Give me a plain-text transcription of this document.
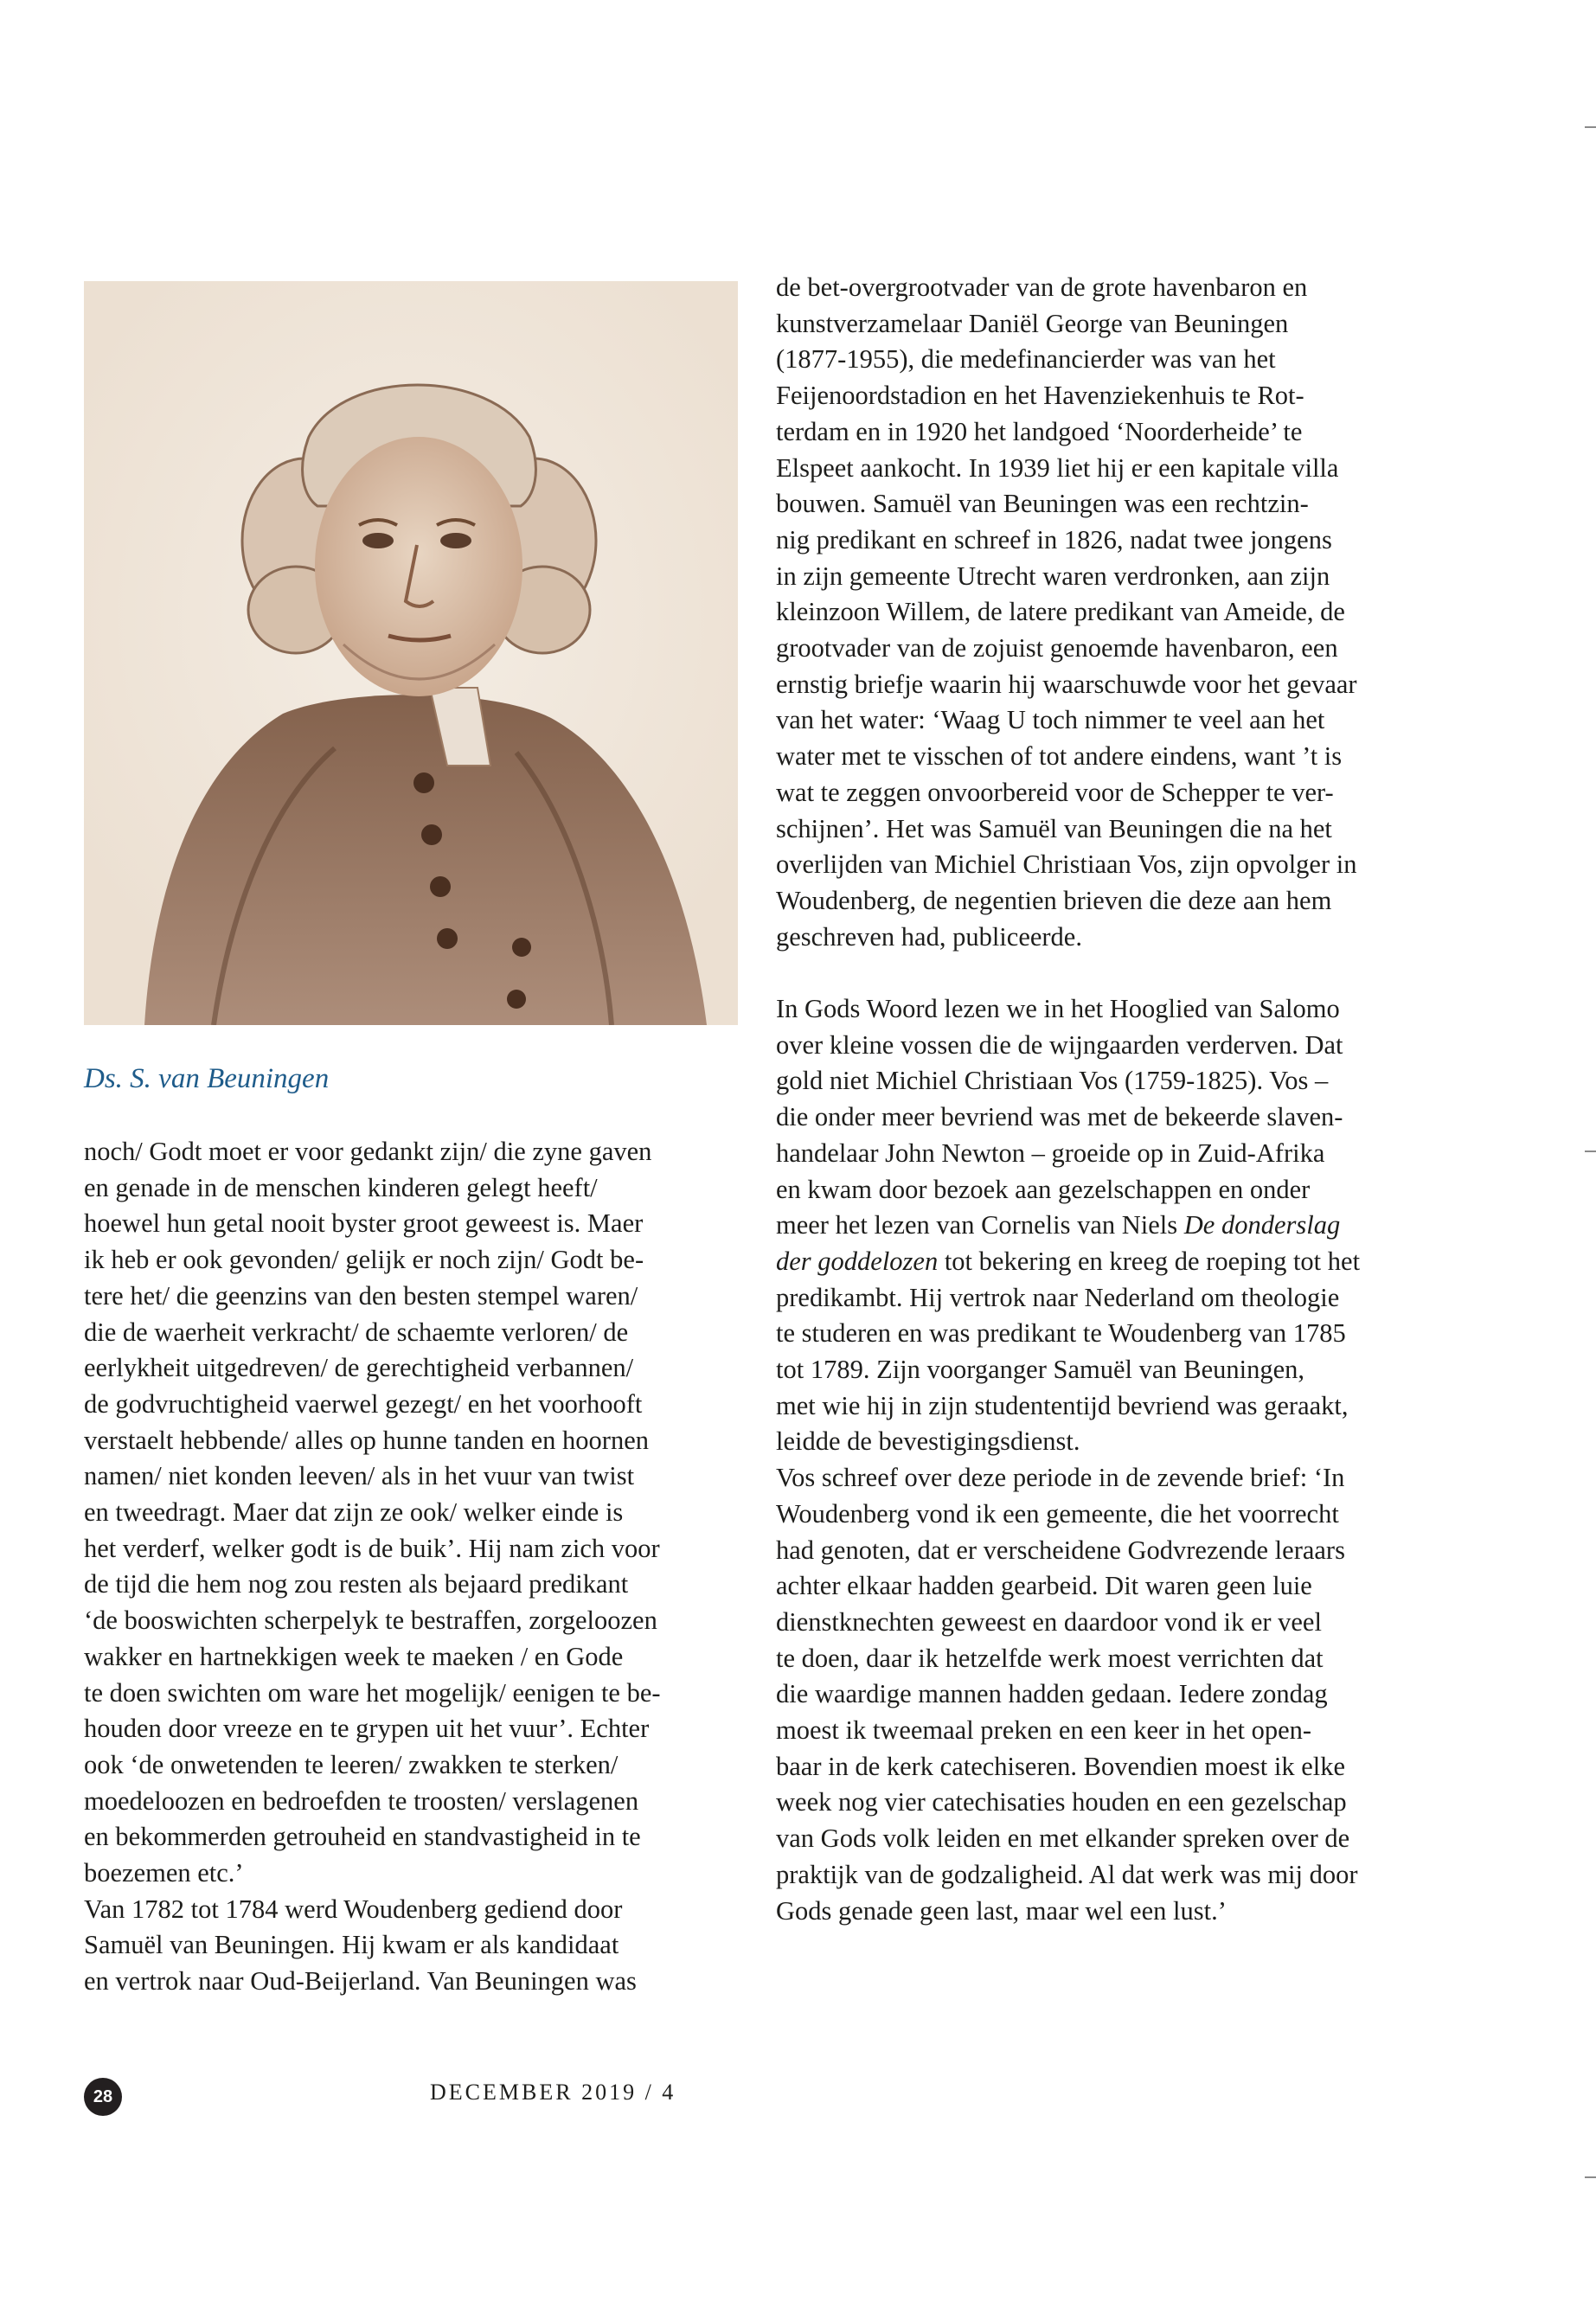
Ds. S. van Beuningen
noch/ Godt moet er voor gedankt zijn/ die zyne gaven
en genade in de menschen kinderen gelegt heeft/
hoewel hun getal nooit byster groot geweest is. Maer
ik heb er ook gevonden/ gelijk er noch zijn/ Godt be-
tere het/ die geenzins van den besten stempel waren/
die de waerheit verkracht/ de schaemte verloren/ de
eerlykheit uitgedreven/ de gerechtigheid verbannen/
de godvruchtigheid vaerwel gezegt/ en het voorhooft
verstaelt hebbende/ alles op hunne tanden en hoornen
namen/ niet konden leeven/ als in het vuur van twist
en tweedragt. Maer dat zijn ze ook/ welker einde is
het verderf, welker godt is de buik’. Hij nam zich voor
de tijd die hem nog zou resten als bejaard predikant
‘de booswichten scherpelyk te bestraffen, zorgeloozen
wakker en hartnekkigen week te maeken / en Gode
te doen swichten om ware het mogelijk/ eenigen te be-
houden door vreeze en te grypen uit het vuur’. Echter
ook ‘de onwetenden te leeren/ zwakken te sterken/
moedeloozen en bedroefden te troosten/ verslagenen
en bekommerden getrouheid en standvastigheid in te
boezemen etc.’
Van 1782 tot 1784 werd Woudenberg gediend door
Samuël van Beuningen. Hij kwam er als kandidaat
en vertrok naar Oud-Beijerland. Van Beuningen was
de bet-overgrootvader van de grote havenbaron en
kunstverzamelaar Daniël George van Beuningen
(1877-1955), die medefinancierder was van het
Feijenoordstadion en het Havenziekenhuis te Rot-
terdam en in 1920 het landgoed ‘Noorderheide’ te
Elspeet aankocht. In 1939 liet hij er een kapitale villa
bouwen. Samuël van Beuningen was een rechtzin-
nig predikant en schreef in 1826, nadat twee jongens
in zijn gemeente Utrecht waren verdronken, aan zijn
kleinzoon Willem, de latere predikant van Ameide, de
grootvader van de zojuist genoemde havenbaron, een
ernstig briefje waarin hij waarschuwde voor het gevaar
van het water: ‘Waag U toch nimmer te veel aan het
water met te visschen of tot andere eindens, want ’t is
wat te zeggen onvoorbereid voor de Schepper te ver-
schijnen’. Het was Samuël van Beuningen die na het
overlijden van Michiel Christiaan Vos, zijn opvolger in
Woudenberg, de negentien brieven die deze aan hem
geschreven had, publiceerde.
In Gods Woord lezen we in het Hooglied van Salomo
over kleine vossen die de wijngaarden verderven. Dat
gold niet Michiel Christiaan Vos (1759-1825). Vos –
die onder meer bevriend was met de bekeerde slaven-
handelaar John Newton – groeide op in Zuid-Afrika
en kwam door bezoek aan gezelschappen en onder
meer het lezen van Cornelis van Niels De donderslag
der goddelozen tot bekering en kreeg de roeping tot het
predikambt. Hij vertrok naar Nederland om theologie
te studeren en was predikant te Woudenberg van 1785
tot 1789. Zijn voorganger Samuël van Beuningen,
met wie hij in zijn studententijd bevriend was geraakt,
leidde de bevestigingsdienst.
Vos schreef over deze periode in de zevende brief: ‘In
Woudenberg vond ik een gemeente, die het voorrecht
had genoten, dat er verscheidene Godvrezende leraars
achter elkaar hadden gearbeid. Dit waren geen luie
dienstknechten geweest en daardoor vond ik er veel
te doen, daar ik hetzelfde werk moest verrichten dat
die waardige mannen hadden gedaan. Iedere zondag
moest ik tweemaal preken en een keer in het open-
baar in de kerk catechiseren. Bovendien moest ik elke
week nog vier catechisaties houden en een gezelschap
van Gods volk leiden en met elkander spreken over de
praktijk van de godzaligheid. Al dat werk was mij door
Gods genade geen last, maar wel een lust.’
28	DECEMBER 2019 / 4
